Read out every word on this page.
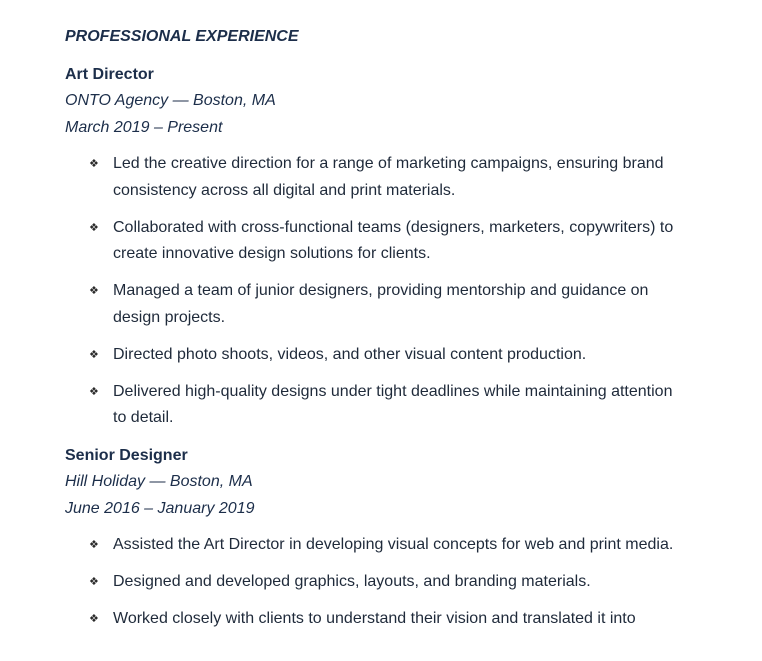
PROFESSIONAL EXPERIENCE

Art Director

ONTO Agency — Boston, MA

March 2019 – Present

❖ Led the creative direction for a range of marketing campaigns, ensuring brand consistency across all digital and print materials.
❖ Collaborated with cross-functional teams (designers, marketers, copywriters) to create innovative design solutions for clients.
❖ Managed a team of junior designers, providing mentorship and guidance on design projects.
❖ Directed photo shoots, videos, and other visual content production.
❖ Delivered high-quality designs under tight deadlines while maintaining attention to detail.

Senior Designer

Hill Holiday — Boston, MA

June 2016 – January 2019

❖ Assisted the Art Director in developing visual concepts for web and print media.
❖ Designed and developed graphics, layouts, and branding materials.
❖ Worked closely with clients to understand their vision and translated it into
